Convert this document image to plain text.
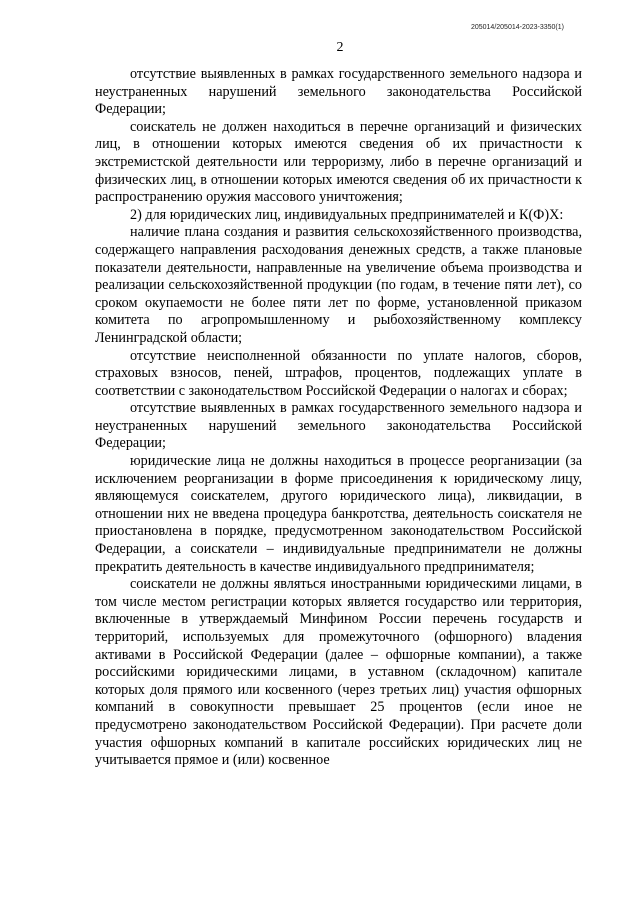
205014/205014-2023-3350(1)
2

отсутствие выявленных в рамках государственного земельного надзора и неустраненных нарушений земельного законодательства Российской Федерации;

соискатель не должен находиться в перечне организаций и физических лиц, в отношении которых имеются сведения об их причастности к экстремистской деятельности или терроризму, либо в перечне организаций и физических лиц, в отношении которых имеются сведения об их причастности к распространению оружия массового уничтожения;

2) для юридических лиц, индивидуальных предпринимателей и К(Ф)Х:

наличие плана создания и развития сельскохозяйственного производства, содержащего направления расходования денежных средств, а также плановые показатели деятельности, направленные на увеличение объема производства и реализации сельскохозяйственной продукции (по годам, в течение пяти лет), со сроком окупаемости не более пяти лет по форме, установленной приказом комитета по агропромышленному и рыбохозяйственному комплексу Ленинградской области;

отсутствие неисполненной обязанности по уплате налогов, сборов, страховых взносов, пеней, штрафов, процентов, подлежащих уплате в соответствии с законодательством Российской Федерации о налогах и сборах;

отсутствие выявленных в рамках государственного земельного надзора и неустраненных нарушений земельного законодательства Российской Федерации;

юридические лица не должны находиться в процессе реорганизации (за исключением реорганизации в форме присоединения к юридическому лицу, являющемуся соискателем, другого юридического лица), ликвидации, в отношении них не введена процедура банкротства, деятельность соискателя не приостановлена в порядке, предусмотренном законодательством Российской Федерации, а соискатели – индивидуальные предприниматели не должны прекратить деятельность в качестве индивидуального предпринимателя;

соискатели не должны являться иностранными юридическими лицами, в том числе местом регистрации которых является государство или территория, включенные в утверждаемый Минфином России перечень государств и территорий, используемых для промежуточного (офшорного) владения активами в Российской Федерации (далее – офшорные компании), а также российскими юридическими лицами, в уставном (складочном) капитале которых доля прямого или косвенного (через третьих лиц) участия офшорных компаний в совокупности превышает 25 процентов (если иное не предусмотрено законодательством Российской Федерации). При расчете доли участия офшорных компаний в капитале российских юридических лиц не учитывается прямое и (или) косвенное
